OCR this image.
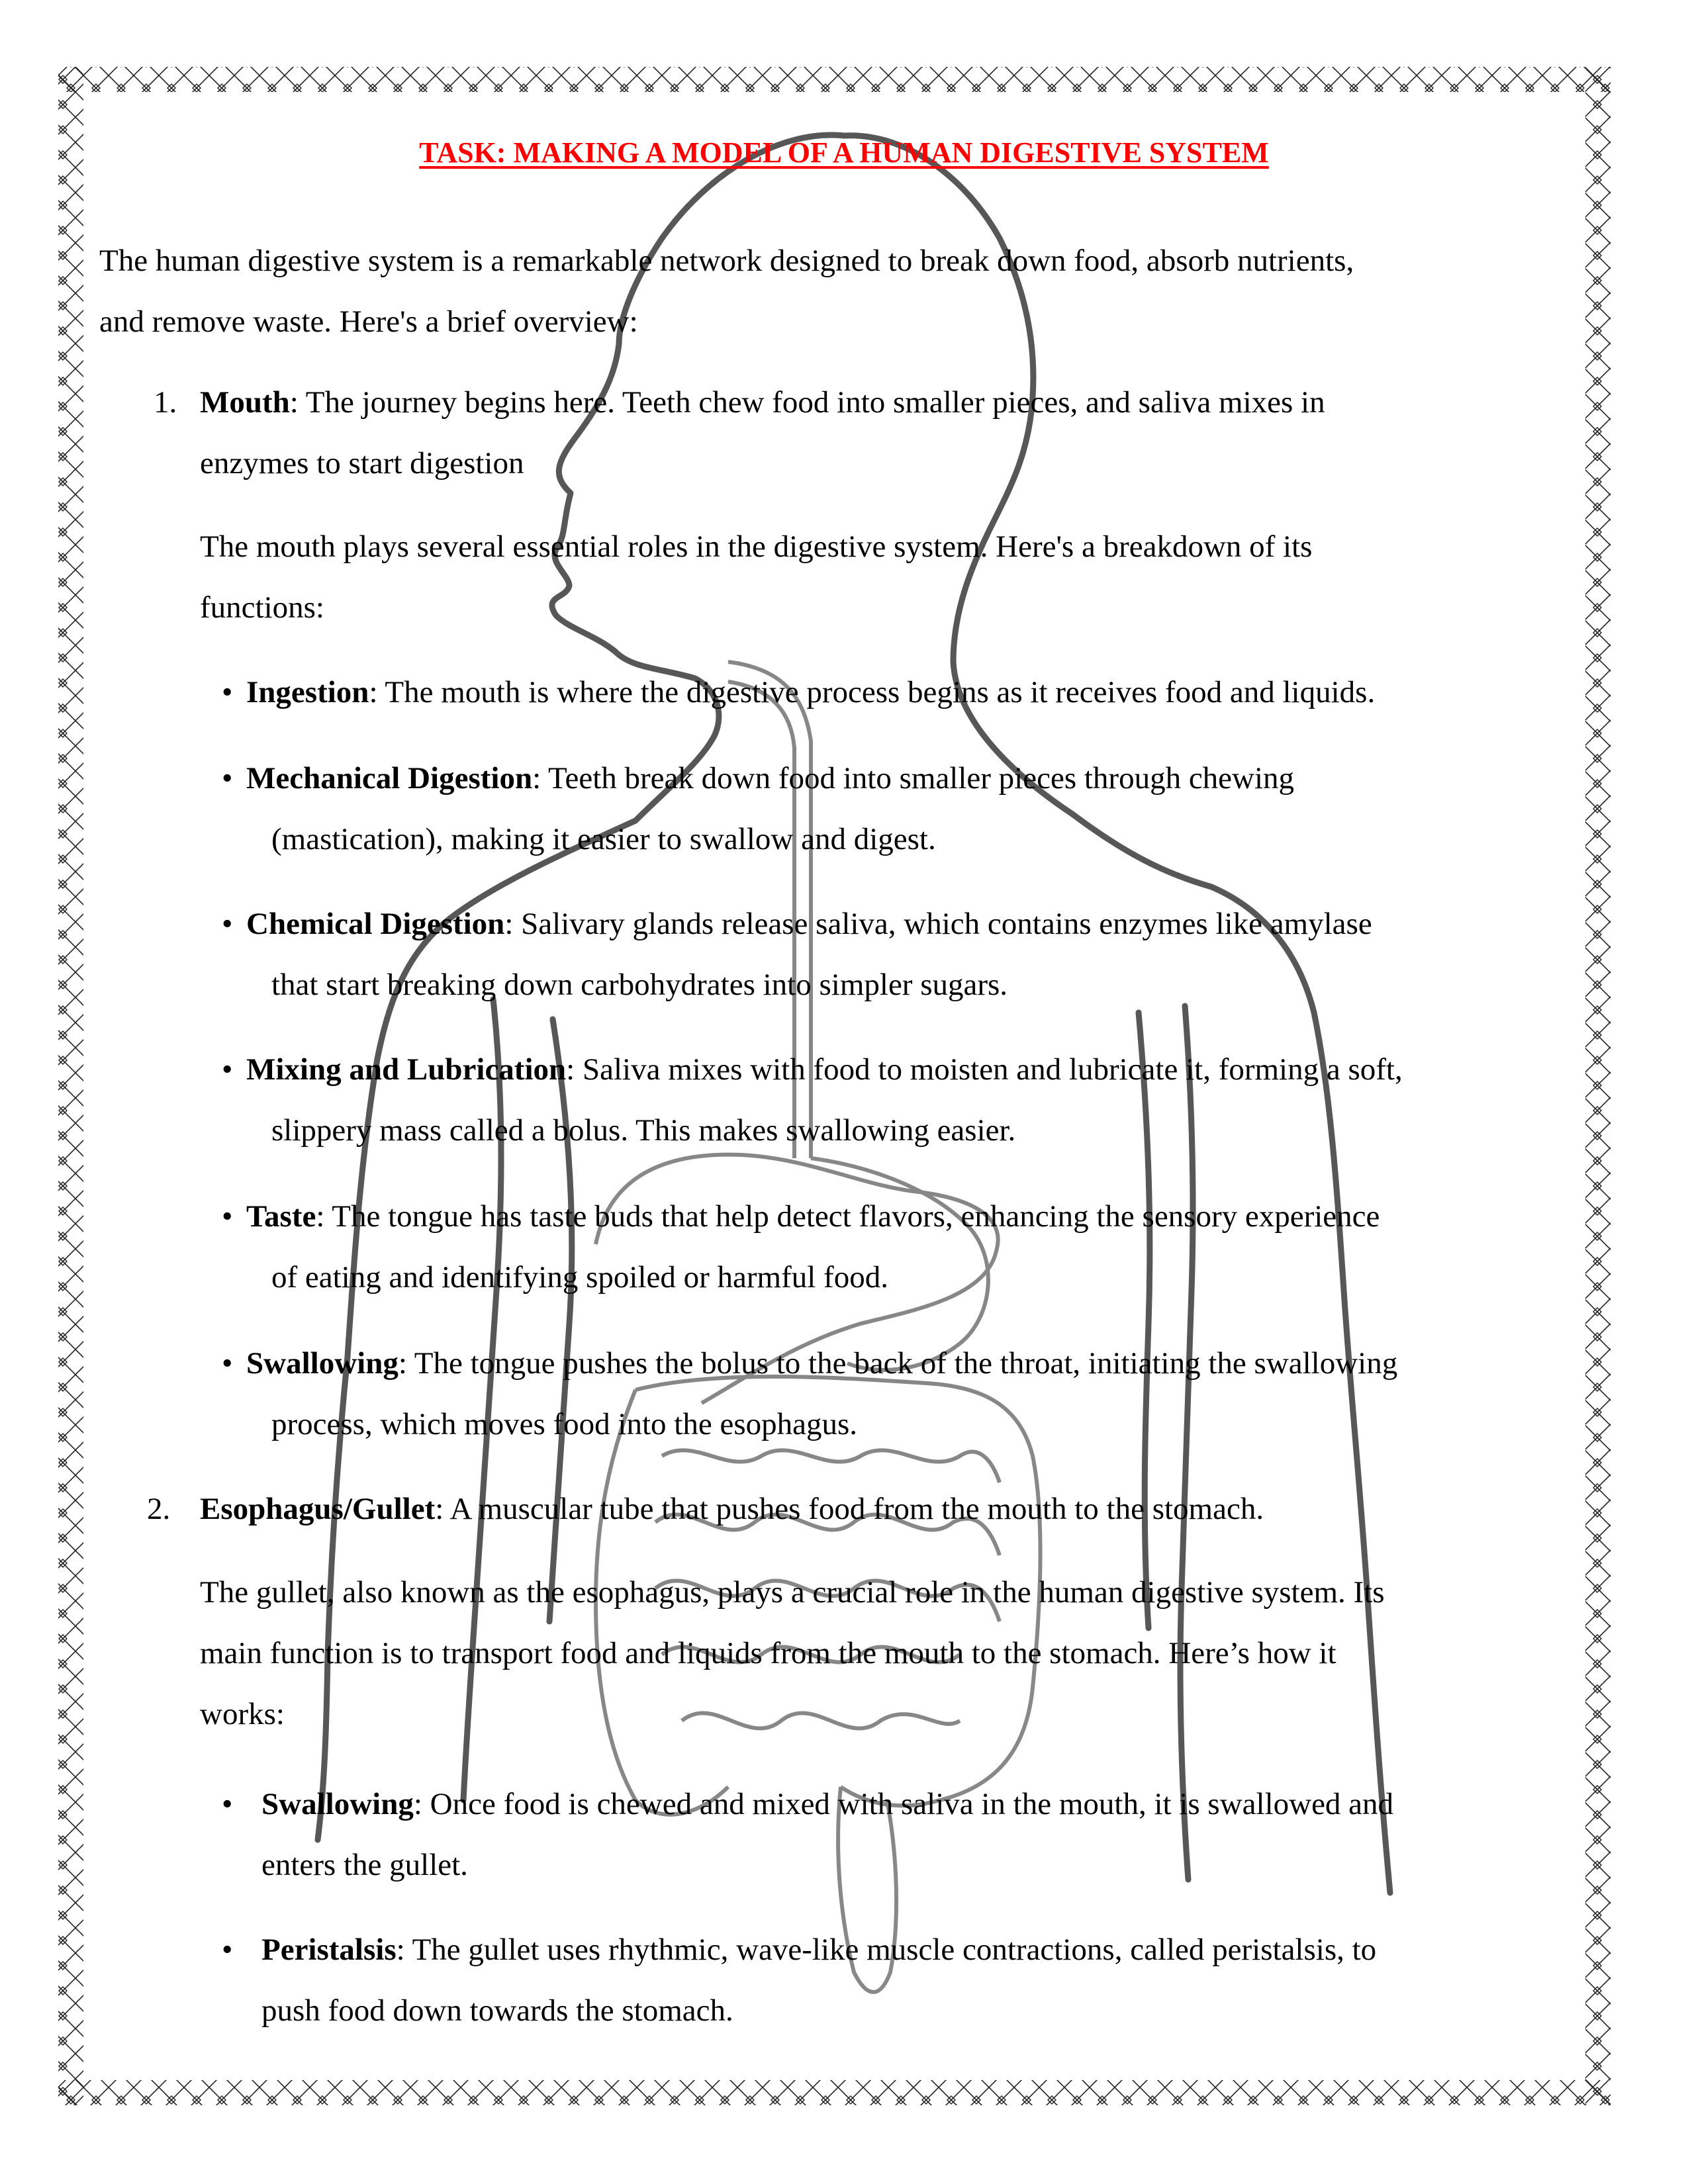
TASK: MAKING A MODEL OF A HUMAN DIGESTIVE SYSTEM
The human digestive system is a remarkable network designed to break down food, absorb nutrients,
and remove waste. Here's a brief overview:
1. Mouth: The journey begins here. Teeth chew food into smaller pieces, and saliva mixes in
enzymes to start digestion
The mouth plays several essential roles in the digestive system. Here's a breakdown of its
functions:
• Ingestion: The mouth is where the digestive process begins as it receives food and liquids.
• Mechanical Digestion: Teeth break down food into smaller pieces through chewing
(mastication), making it easier to swallow and digest.
• Chemical Digestion: Salivary glands release saliva, which contains enzymes like amylase
that start breaking down carbohydrates into simpler sugars.
• Mixing and Lubrication: Saliva mixes with food to moisten and lubricate it, forming a soft,
slippery mass called a bolus. This makes swallowing easier.
• Taste: The tongue has taste buds that help detect flavors, enhancing the sensory experience
of eating and identifying spoiled or harmful food.
• Swallowing: The tongue pushes the bolus to the back of the throat, initiating the swallowing
process, which moves food into the esophagus.
2. Esophagus/Gullet: A muscular tube that pushes food from the mouth to the stomach.
The gullet, also known as the esophagus, plays a crucial role in the human digestive system. Its
main function is to transport food and liquids from the mouth to the stomach. Here’s how it
works:
• Swallowing: Once food is chewed and mixed with saliva in the mouth, it is swallowed and
enters the gullet.
• Peristalsis: The gullet uses rhythmic, wave-like muscle contractions, called peristalsis, to
push food down towards the stomach.
